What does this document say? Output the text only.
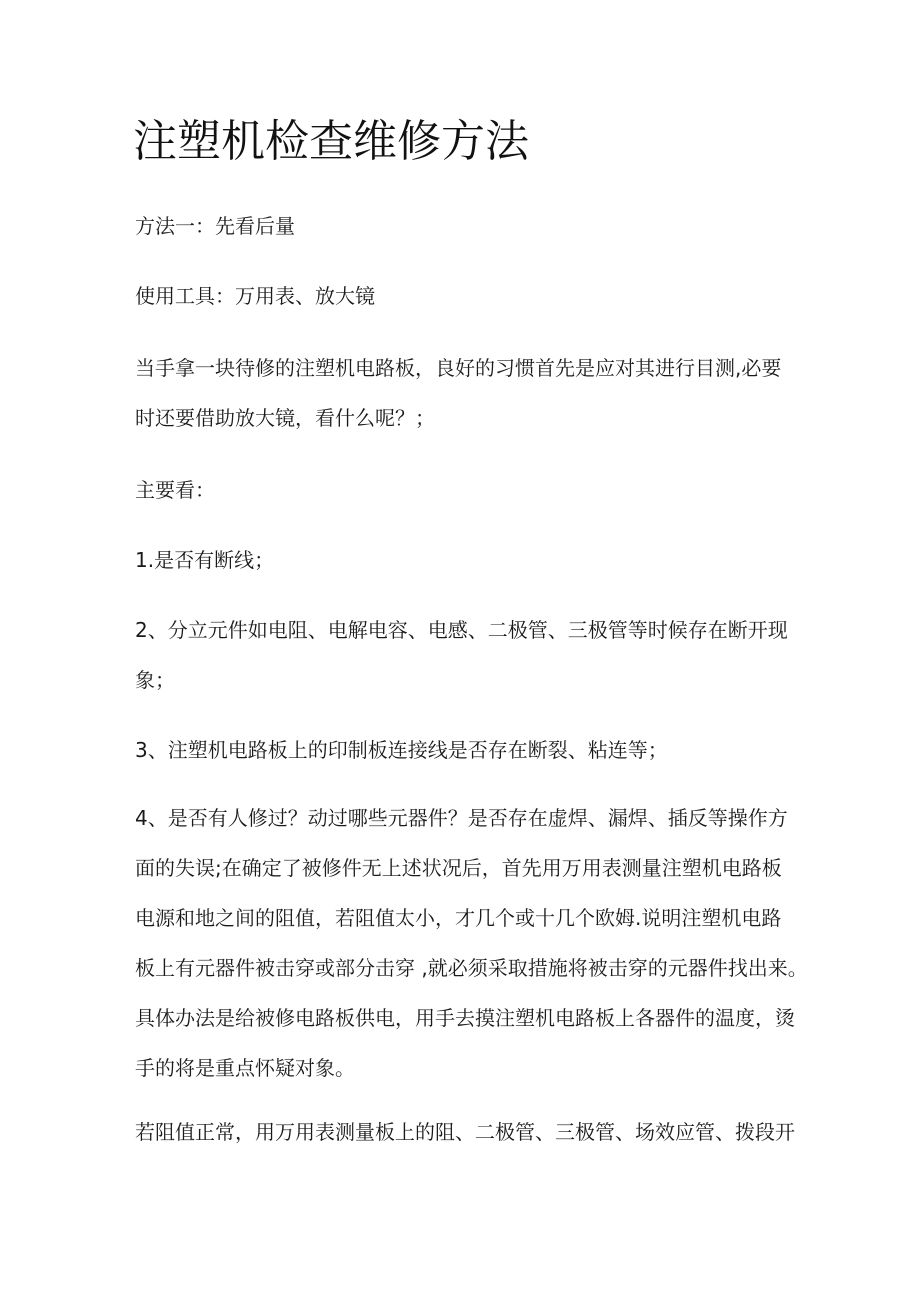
注塑机检查维修方法

方法一：先看后量

使用工具：万用表、放大镜

当手拿一块待修的注塑机电路板，良好的习惯首先是应对其进行目测,必要
时还要借助放大镜，看什么呢？；

主要看：

1.是否有断线；

2、分立元件如电阻、电解电容、电感、二极管、三极管等时候存在断开现
象；

3、注塑机电路板上的印制板连接线是否存在断裂、粘连等；

4、是否有人修过？动过哪些元器件？是否存在虚焊、漏焊、插反等操作方
面的失误;在确定了被修件无上述状况后，首先用万用表测量注塑机电路板
电源和地之间的阻值，若阻值太小，才几个或十几个欧姆.说明注塑机电路
板上有元器件被击穿或部分击穿 ,就必须采取措施将被击穿的元器件找出来。
具体办法是给被修电路板供电，用手去摸注塑机电路板上各器件的温度，烫
手的将是重点怀疑对象。

若阻值正常，用万用表测量板上的阻、二极管、三极管、场效应管、拨段开
